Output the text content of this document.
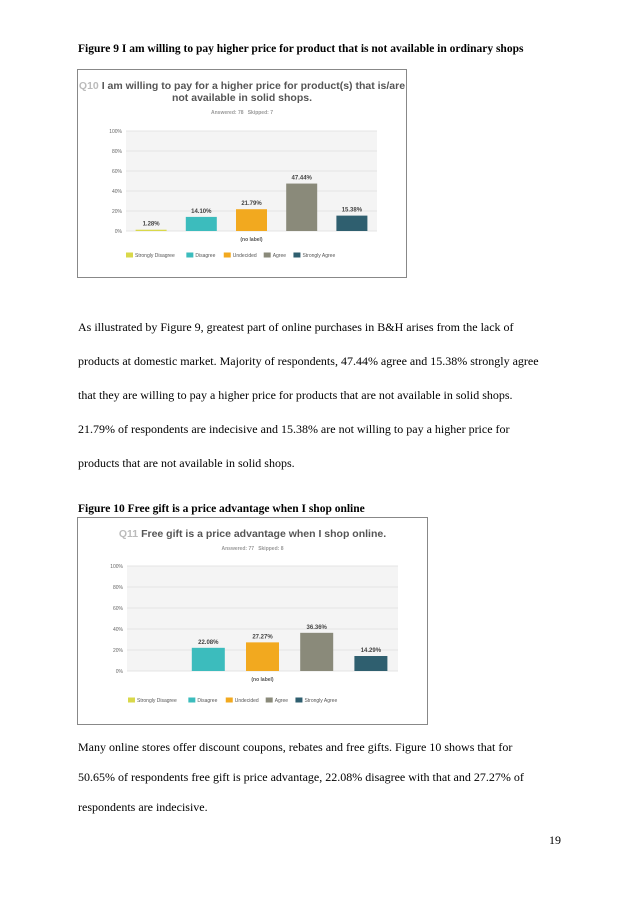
Figure 9 I am willing to pay higher price for product that is not available in ordinary shops
Q10 I am willing to pay for a higher price for product(s) that is/are
not available in solid shops.
Answered: 78 Skipped: 7
100%
80%
60%
40%
20%
0%
1.28%
14.10%
21.79%
47.44%
15.38%
(no label)
Strongly Disagree	Disagree	Undecided	Agree	Strongly Agree
As illustrated by Figure 9, greatest part of online purchases in B&H arises from the lack of
products at domestic market. Majority of respondents, 47.44% agree and 15.38% strongly agree
that they are willing to pay a higher price for products that are not available in solid shops.
21.79% of respondents are indecisive and 15.38% are not willing to pay a higher price for
products that are not available in solid shops.
Figure 10 Free gift is a price advantage when I shop online
Q11 Free gift is a price advantage when I shop online.
Answered: 77 Skipped: 8
100%
80%
60%
40%
20%
0%
22.08%
27.27%
36.36%
14.29%
(no label)
Strongly Disagree	Disagree	Undecided	Agree	Strongly Agree
Many online stores offer discount coupons, rebates and free gifts. Figure 10 shows that for
50.65% of respondents free gift is price advantage, 22.08% disagree with that and 27.27% of
respondents are indecisive.
19
